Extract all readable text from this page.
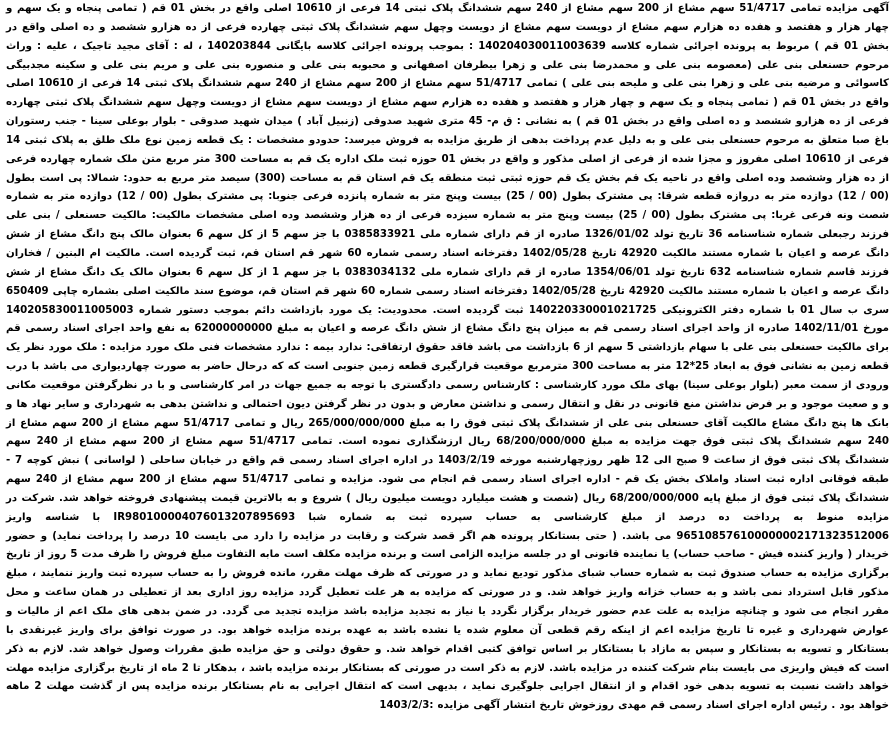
آگهی مزایده تمامی 51/4717 سهم مشاع از 200 سهم مشاع از 240 سهم ششدانگ پلاک ثبتی 14 فرعی از 10610 اصلی واقع در بخش 01 قم ( تمامی پنجاه و یک سهم و چهار هزار و هفتصد و هفده ده هزارم سهم مشاع از دویست سهم مشاع از دویست وچهل سهم ششدانگ پلاک ثبتی چهارده فرعی از ده هزارو ششصد و ده اصلی واقع در بخش 01 قم ) مربوط به پرونده اجرائی شماره کلاسه 140204030011003639 : بموجب پرونده اجرائی کلاسه بایگانی 140203844 ، له : آقای مجید تاجیک ، علیه : وراث مرحوم حسنعلی بنی علی (معصومه بنی علی و محمدرضا بنی علی و زهرا بیطرفان اصفهانی و محبوبه بنی علی و منصوره بنی علی و مریم بنی علی و سکینه مجدبیگی کاسوائی و مرضیه بنی علی و زهرا بنی علی و ملیحه بنی علی ) تمامی 51/4717 سهم مشاع از 200 سهم مشاع از 240 سهم ششدانگ پلاک ثبتی 14 فرعی از 10610 اصلی واقع در بخش 01 قم ( تمامی پنجاه و یک سهم و چهار هزار و هفتصد و هفده ده هزارم سهم مشاع از دویست سهم مشاع از دویست وچهل سهم ششدانگ پلاک ثبتی چهارده فرعی از ده هزارو ششصد و ده اصلی واقع در بخش 01 قم ) به نشانی : ق م- 45 متری شهید صدوقی (زنبیل آباد ) میدان شهید صدوقی - بلوار بوعلی سینا - جنب رستوران باغ صبا متعلق به مرحوم حسنعلی بنی علی و به دلیل عدم پرداخت بدهی از طریق مزایده به فروش میرسد: حدودو مشخصات : یک قطعه زمین نوع ملک طلق به پلاک ثبتی 14 فرعی از 10610 اصلی مفروز و مجزا شده از فرعی از اصلی مذکور و واقع در بخش 01 حوزه ثبت ملک اداره یک قم به مساحت 300 متر مربع متن ملک شماره چهارده فرعی از ده هزار وششصد وده اصلی واقع در ناحیه یک قم بخش یک قم حوزه ثبتی ثبت منطقه یک قم استان قم به مساحت (300) سیصد متر مربع به حدود: شمالا: پی است بطول (00 / 12) دوازده متر به دروازه قطعه شرقا: پی مشترک بطول (00 / 25) بیست وپنج متر به شماره پانزده فرعی جنوبا: پی مشترک بطول (00 / 12) دوازده متر به شماره شصت ونه فرعی غربا: پی مشترک بطول (00 / 25) بیست وپنج متر به شماره سیزده فرعی از ده هزار وششصد وده اصلی مشخصات مالکیت: مالکیت حسنعلی / بنی علی فرزند رجبعلی شماره شناسنامه 36 تاریخ تولد 1326/01/02 صادره از قم دارای شماره ملی 0385833921 با جز سهم 5 از کل سهم 6 بعنوان مالک پنج دانگ مشاع از شش دانگ عرصه و اعیان با شماره مستند مالکیت 42920 تاریخ 1402/05/28 دفترخانه اسناد رسمی شماره 60 شهر قم استان قم، ثبت گردیده است. مالکیت ام البنین / فخاران فرزند قاسم شماره شناسنامه 632 تاریخ تولد 1354/06/01 صادره از قم دارای شماره ملی 0383034132 با جز سهم 1 از کل سهم 6 بعنوان مالک یک دانگ مشاع از شش دانگ عرصه و اعیان با شماره مستند مالکیت 42920 تاریخ 1402/05/28 دفترخانه اسناد رسمی شماره 60 شهر قم استان قم، موضوع سند مالکیت اصلی بشماره چاپی 650409 سری ب سال 01 با شماره دفتر الکترونیکی 140220330001021725 ثبت گردیده است. محدودیت: یک مورد بازداشت دائم بموجب دستور شماره 140205830011005003 مورخ 1402/11/01 صادره از واحد اجرای اسناد رسمی قم به میزان پنج دانگ مشاع از شش دانگ عرصه و اعیان به مبلغ 62000000000 به نفع واحد اجرای اسناد رسمی قم برای مالکیت حسنعلی بنی علی با سهام بازداشتی 5 سهم از 6 بازداشت می باشد فاقد حقوق ارتفاقی: ندارد بیمه : ندارد مشخصات فنی ملک مورد مزایده : ملک مورد نظر یک قطعه زمین به نشانی فوق به ابعاد 25*12 متر به مساحت 300 مترمربع موقعیت قرارگیری قطعه زمین جنوبی است که که درحال حاضر به صورت چهاردیواری می باشد با درب ورودی از سمت معبر (بلوار بوعلی سینا) بهای ملک مورد کارشناسی : کارشناس رسمی دادگستری با توجه به جمیع جهات در امر کارشناسی و با در نظرگرفتن موقعیت مکانی و و صعیت موجود و بر فرض نداشتن منع قانونی در نقل و انتقال رسمی و نداشتن معارض و بدون در نظر گرفتن دیون احتمالی و نداشتن بدهی به شهرداری و سایر نهاد ها و بانک ها پنج دانگ مشاع مالکیت آقای حسنعلی بنی علی از ششدانگ پلاک ثبتی فوق را به مبلغ 265/000/000/000 ریال و تمامی 51/4717 سهم مشاع از 200 سهم مشاع از 240 سهم ششدانگ پلاک ثبتی فوق جهت مزایده به مبلغ 68/200/000/000 ریال ارزشگذاری نموده است. تمامی 51/4717 سهم مشاع از 200 سهم مشاع از 240 سهم ششدانگ پلاک ثبتی فوق از ساعت 9 صبح الی 12 ظهر روزچهارشنبه مورخه 1403/2/19 در اداره اجرای اسناد رسمی قم واقع در خیابان ساحلی ( لواسانی ) نبش کوچه 7 - طبقه فوقانی اداره ثبت اسناد واملاک بخش یک قم - اداره اجرای اسناد رسمی قم انجام می شود. مزایده و تمامی 51/4717 سهم مشاع از 200 سهم مشاع از 240 سهم ششدانگ پلاک ثبتی فوق از مبلغ پایه 68/200/000/000 ریال (شصت و هشت میلیارد دویست میلیون ریال ) شروع و به بالاترین قیمت پیشنهادی فروخته خواهد شد. شرکت در مزایده منوط به پرداخت ده درصد از مبلغ کارشناسی به حساب سپرده ثبت به شماره شبا IR980100004076013207895693 با شناسه واریز 965108576100000002171323512006 می باشد. ( حتی بستانکار پرونده هم اگر قصد شرکت و رقابت در مزایده را دارد می بایست 10 درصد را پرداخت نماید) و حضور خریدار ( واریز کننده فیش - صاحب حساب) یا نماینده قانونی او در جلسه مزایده الزامی است و برنده مزایده مکلف است مابه التفاوت مبلغ فروش را ظرف مدت 5 روز از تاریخ برگزاری مزایده به حساب صندوق ثبت به شماره حساب شبای مذکور تودیع نماید و در صورتی که ظرف مهلت مقرر، مانده فروش را به حساب سپرده ثبت واریز ننمایند ، مبلغ مذکور قابل استرداد نمی باشد و به حساب خزانه واریز خواهد شد. و در صورتی که مزایده به هر علت تعطیل گردد مزایده روز اداری بعد از تعطیلی در همان ساعت و محل مقرر انجام می شود و چنانچه مزایده به علت عدم حضور خریدار برگزار نگردد یا نیاز به تجدید مزایده باشد مزایده تجدید می گردد. در ضمن بدهی های ملک اعم از مالیات و عوارض شهرداری و غیره تا تاریخ مزایده اعم از اینکه رقم قطعی آن معلوم شده یا نشده باشد به عهده برنده مزایده خواهد بود. در صورت توافق برای واریز غیرنقدی با بستانکار و تسویه به بستانکار و سپس به مازاد با بستانکار بر اساس توافق کتبی اقدام خواهد شد. و حقوق دولتی و حق مزایده طبق مقررات وصول خواهد شد. لازم به ذکر است که فیش واریزی می بایست بنام شرکت کننده در مزایده باشد. لازم به ذکر است در صورتی که بستانکار برنده مزایده باشد ، بدهکار تا 2 ماه از تاریخ برگزاری مزایده مهلت خواهد داشت نسبت به تسویه بدهی خود اقدام و از انتقال اجرایی جلوگیری نماید ، بدیهی است که انتقال اجرایی به نام بستانکار برنده مزایده پس از گذشت مهلت 2 ماهه خواهد بود . رئیس اداره اجرای اسناد رسمی قم مهدی روزخوش تاریخ انتشار آگهی مزایده :1403/2/3
